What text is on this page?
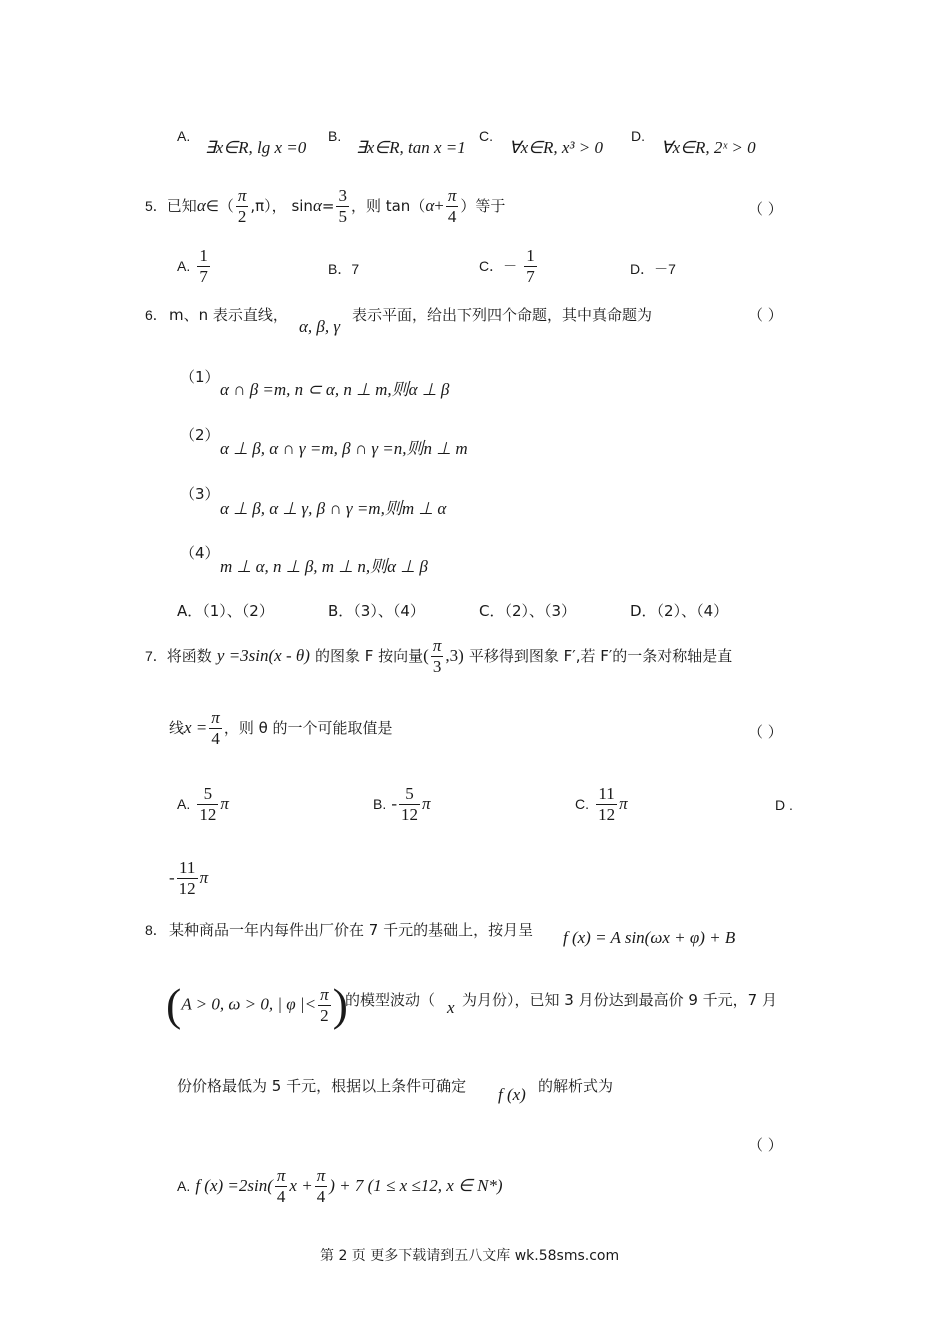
A.
∃x∈R, lg x =0
B.
∃x∈R, tan x =1
C.
∀x∈R, x³ > 0
D.
∀x∈R, 2ˣ > 0
5．已知α∈（ $\frac{\pi}{2} ,\pi$）， $\sin\alpha= \frac{3}{5}$ ，则 $\tan(\alpha+ \frac{\pi}{4}$ ）等于	（ ）
A. $\frac{1}{7}$	B．7	C．－ $\frac{1}{7}$	D．－7
6． m、n 表示直线，
α, β, γ
表示平面，给出下列四个命题，其中真命题为	（ ）
（1）
α ∩ β =m, n ⊂ α, n ⊥ m,则α ⊥ β
（2）
α ⊥ β, α ∩ γ =m, β ∩ γ =n,则n ⊥ m
（3）
α ⊥ β, α ⊥ γ, β ∩ γ =m,则m ⊥ α
（4）
m ⊥ α, n ⊥ β, m ⊥ n,则α ⊥ β
A．（1）、（2）	B．（3）、（4）	C．（2）、（3）	D．（2）、（4）
7．将函数 y =3sin(x - θ) 的图象 F 按向量( $\frac{\pi}{3} ,3$) 平移得到图象 F′,若 F′的一条对称轴是直
线$x = \frac{\pi}{4}$ ，则 θ 的一个可能取值是	（ ）
A. $\frac{5}{12}$ π	B. - $\frac{5}{12}$ π	C. $\frac{11}{12}$ π	D .
- $\frac{11}{12}$ π
8． 某种商品一年内每件出厂价在 7 千元的基础上，按月呈 f (x) = A sin(ωx + φ) + B
(A > 0, ω > 0, | φ |< $\frac{\pi}{2}$ )
的模型波动（ x 为月份），已知 3 月份达到最高价 9 千元，7 月
份价格最低为 5 千元，根据以上条件可确定 f (x) 的解析式为
（ ）
A. f $(x) =2\sin( \frac{\pi}{4}$ $x + \frac{\pi}{4}$ ) + 7 (1 ≤ x ≤12, x ∈ N*)
第 2 页 更多下载请到五八文库 wk.58sms.com
